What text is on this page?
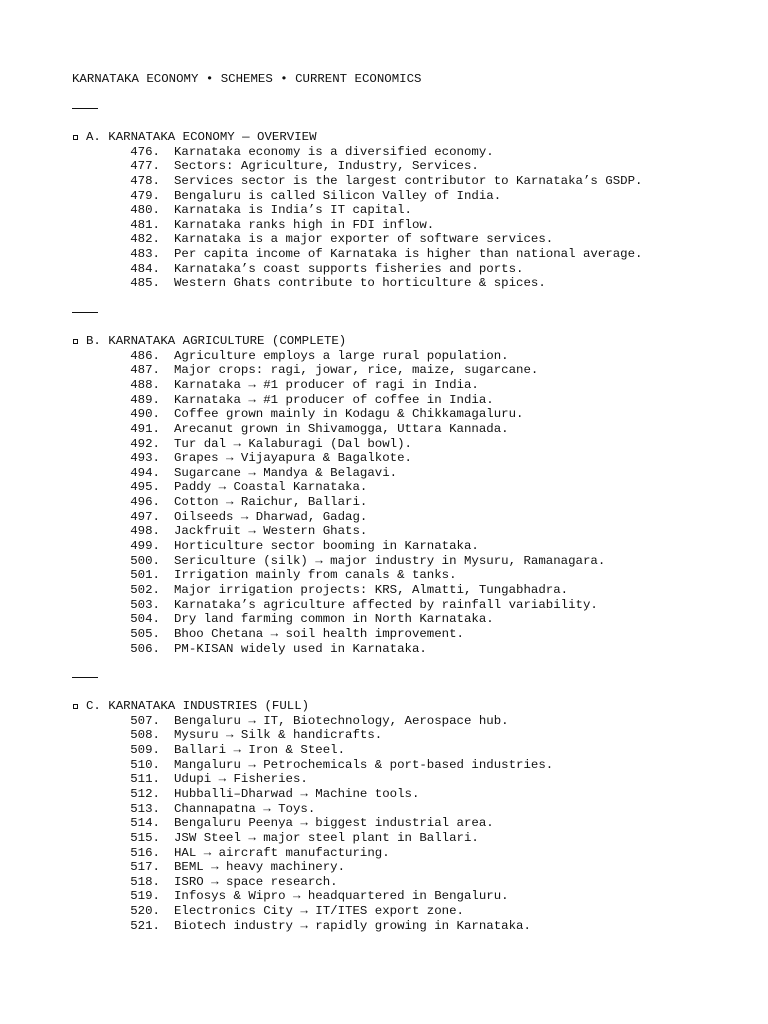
KARNATAKA ECONOMY • SCHEMES • CURRENT ECONOMICS
A. KARNATAKA ECONOMY — OVERVIEW
476. Karnataka economy is a diversified economy.
477. Sectors: Agriculture, Industry, Services.
478. Services sector is the largest contributor to Karnataka’s GSDP.
479. Bengaluru is called Silicon Valley of India.
480. Karnataka is India’s IT capital.
481. Karnataka ranks high in FDI inflow.
482. Karnataka is a major exporter of software services.
483. Per capita income of Karnataka is higher than national average.
484. Karnataka’s coast supports fisheries and ports.
485. Western Ghats contribute to horticulture & spices.
B. KARNATAKA AGRICULTURE (COMPLETE)
486. Agriculture employs a large rural population.
487. Major crops: ragi, jowar, rice, maize, sugarcane.
488. Karnataka → #1 producer of ragi in India.
489. Karnataka → #1 producer of coffee in India.
490. Coffee grown mainly in Kodagu & Chikkamagaluru.
491. Arecanut grown in Shivamogga, Uttara Kannada.
492. Tur dal → Kalaburagi (Dal bowl).
493. Grapes → Vijayapura & Bagalkote.
494. Sugarcane → Mandya & Belagavi.
495. Paddy → Coastal Karnataka.
496. Cotton → Raichur, Ballari.
497. Oilseeds → Dharwad, Gadag.
498. Jackfruit → Western Ghats.
499. Horticulture sector booming in Karnataka.
500. Sericulture (silk) → major industry in Mysuru, Ramanagara.
501. Irrigation mainly from canals & tanks.
502. Major irrigation projects: KRS, Almatti, Tungabhadra.
503. Karnataka’s agriculture affected by rainfall variability.
504. Dry land farming common in North Karnataka.
505. Bhoo Chetana → soil health improvement.
506. PM-KISAN widely used in Karnataka.
C. KARNATAKA INDUSTRIES (FULL)
507. Bengaluru → IT, Biotechnology, Aerospace hub.
508. Mysuru → Silk & handicrafts.
509. Ballari → Iron & Steel.
510. Mangaluru → Petrochemicals & port-based industries.
511. Udupi → Fisheries.
512. Hubballi–Dharwad → Machine tools.
513. Channapatna → Toys.
514. Bengaluru Peenya → biggest industrial area.
515. JSW Steel → major steel plant in Ballari.
516. HAL → aircraft manufacturing.
517. BEML → heavy machinery.
518. ISRO → space research.
519. Infosys & Wipro → headquartered in Bengaluru.
520. Electronics City → IT/ITES export zone.
521. Biotech industry → rapidly growing in Karnataka.
